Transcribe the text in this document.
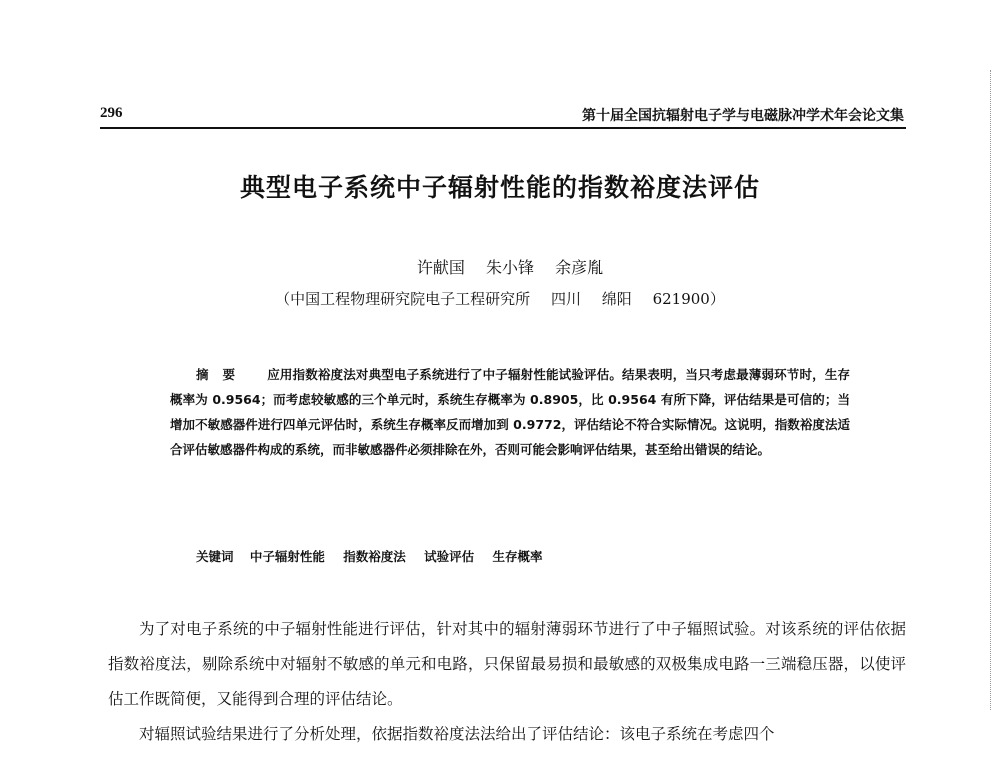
296	第十届全国抗辐射电子学与电磁脉冲学术年会论文集
典型电子系统中子辐射性能的指数裕度法评估
许献国 朱小锋 余彦胤
（中国工程物理研究院电子工程研究所 四川 绵阳 621900）
摘要 应用指数裕度法对典型电子系统进行了中子辐射性能试验评估。结果表明，当只考虑最薄弱环节时，生存概率为 0.9564；而考虑较敏感的三个单元时，系统生存概率为 0.8905，比 0.9564 有所下降，评估结果是可信的；当增加不敏感器件进行四单元评估时，系统生存概率反而增加到 0.9772，评估结论不符合实际情况。这说明，指数裕度法适合评估敏感器件构成的系统，而非敏感器件必须排除在外，否则可能会影响评估结果，甚至给出错误的结论。
关键词 中子辐射性能 指数裕度法 试验评估 生存概率

为了对电子系统的中子辐射性能进行评估，针对其中的辐射薄弱环节进行了中子辐照试验。对该系统的评估依据指数裕度法，剔除系统中对辐射不敏感的单元和电路，只保留最易损和最敏感的双极集成电路一三端稳压器，以使评估工作既简便，又能得到合理的评估结论。

对辐照试验结果进行了分析处理，依据指数裕度法法给出了评估结论：该电子系统在考虑四个
